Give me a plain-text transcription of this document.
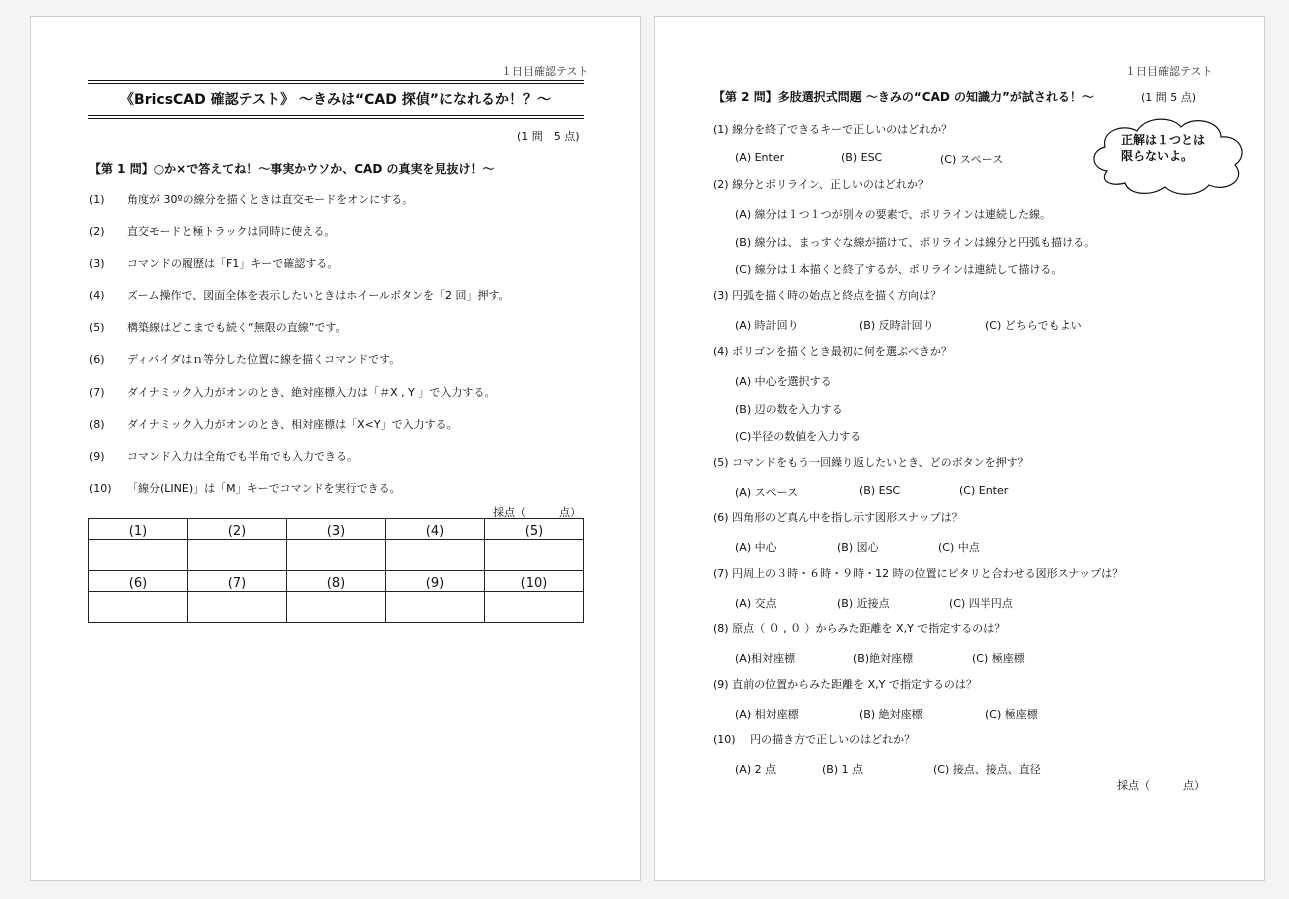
１日目確認テスト
《BricsCAD 確認テスト》 ～きみは“CAD 探偵”になれるか！？～
(1 問　5 点)
【第 1 問】○か×で答えてね！～事実かウソか、CAD の真実を見抜け！～
(1) 角度が 30ºの線分を描くときは直交モードをオンにする。
(2) 直交モードと極トラックは同時に使える。
(3) コマンドの履歴は「F1」キーで確認する。
(4) ズーム操作で、図面全体を表示したいときはホイールボタンを「2 回」押す。
(5) 構築線はどこまでも続く“無限の直線”です。
(6) ディバイダはｎ等分した位置に線を描くコマンドです。
(7) ダイナミック入力がオンのとき、絶対座標入力は「＃X , Y 」で入力する。
(8) ダイナミック入力がオンのとき、相対座標は「X<Y」で入力する。
(9) コマンド入力は全角でも半角でも入力できる。
(10) 「線分(LINE)」は「M」キーでコマンドを実行できる。
採点（　　　点）
(1)	(2)	(3)	(4)	(5)

(6)	(7)	(8)	(9)	(10)

１日目確認テスト
【第 2 問】多肢選択式問題 ～きみの“CAD の知識力”が試される！～	(1 問 5 点)
正解は１つとは
限らないよ。
(1) 線分を終了できるキーで正しいのはどれか？
(A) Enter	(B) ESC	(C) スペース
(2) 線分とポリライン、正しいのはどれか？
(A) 線分は１つ１つが別々の要素で、ポリラインは連続した線。
(B) 線分は、まっすぐな線が描けて、ポリラインは線分と円弧も描ける。
(C) 線分は１本描くと終了するが、ポリラインは連続して描ける。
(3) 円弧を描く時の始点と終点を描く方向は？
(A) 時計回り	(B) 反時計回り	(C) どちらでもよい
(4) ポリゴンを描くとき最初に何を選ぶべきか？
(A) 中心を選択する
(B) 辺の数を入力する
(C)半径の数値を入力する
(5) コマンドをもう一回繰り返したいとき、どのボタンを押す？
(A) スペース	(B) ESC	(C) Enter
(6) 四角形のど真ん中を指し示す図形スナップは？
(A) 中心	(B) 図心	(C) 中点
(7) 円周上の３時・６時・９時・12 時の位置にピタリと合わせる図形スナップは？
(A) 交点	(B) 近接点	(C) 四半円点
(8) 原点（ ０ , ０ ）からみた距離を X,Y で指定するのは？
(A)相対座標	(B)絶対座標	(C) 極座標
(9) 直前の位置からみた距離を X,Y で指定するのは？
(A) 相対座標	(B) 絶対座標	(C) 極座標
(10)　 円の描き方で正しいのはどれか？
(A) 2 点	(B) 1 点	(C) 接点、接点、直径
採点（　　　点）
